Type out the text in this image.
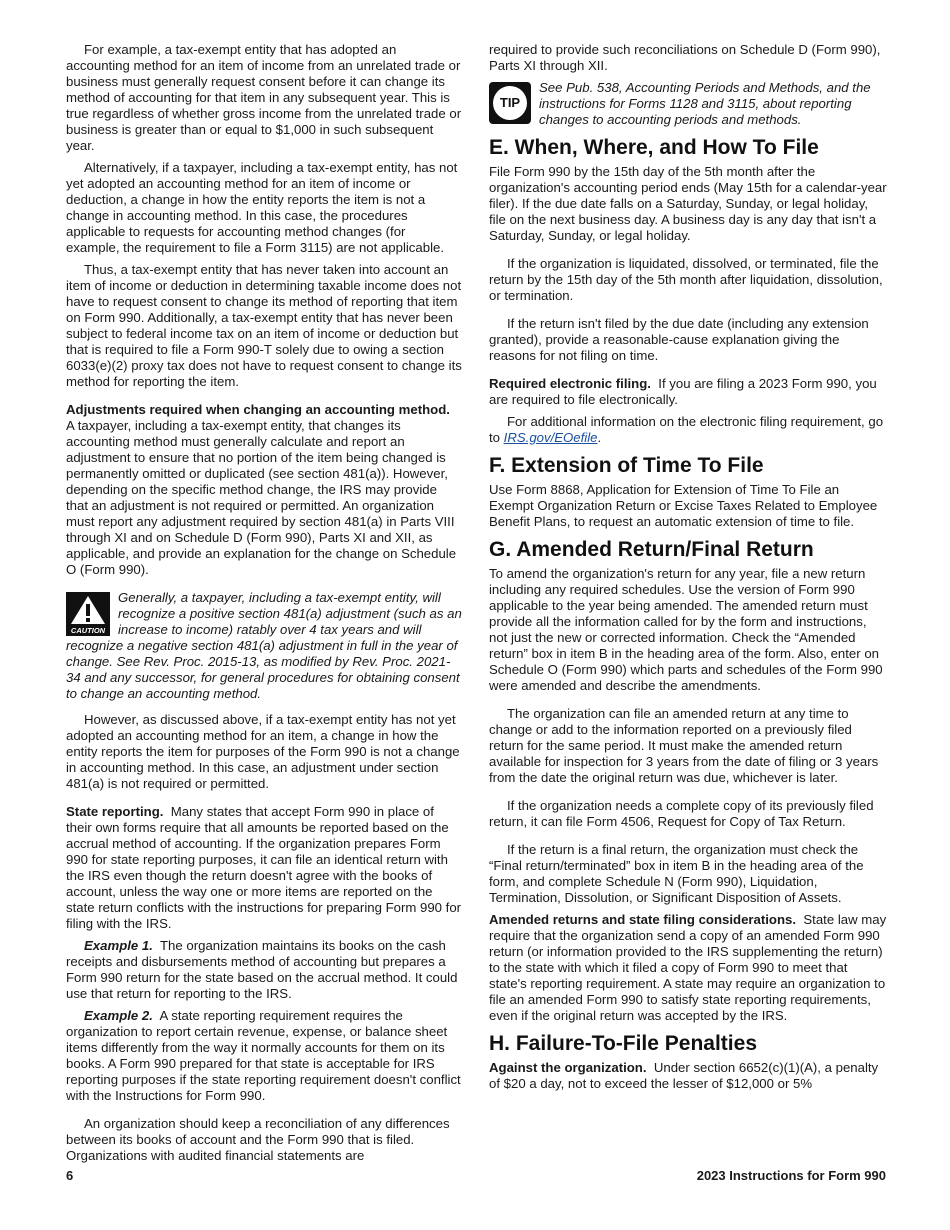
For example, a tax-exempt entity that has adopted an accounting method for an item of income from an unrelated trade or business must generally request consent before it can change its method of accounting for that item in any subsequent year. This is true regardless of whether gross income from the unrelated trade or business is greater than or equal to $1,000 in such subsequent year.

Alternatively, if a taxpayer, including a tax-exempt entity, has not yet adopted an accounting method for an item of income or deduction, a change in how the entity reports the item is not a change in accounting method. In this case, the procedures applicable to requests for accounting method changes (for example, the requirement to file a Form 3115) are not applicable.

Thus, a tax-exempt entity that has never taken into account an item of income or deduction in determining taxable income does not have to request consent to change its method of reporting that item on Form 990. Additionally, a tax-exempt entity that has never been subject to federal income tax on an item of income or deduction but that is required to file a Form 990-T solely due to owing a section 6033(e)(2) proxy tax does not have to request consent to change its method for reporting the item.

Adjustments required when changing an accounting method.  A taxpayer, including a tax-exempt entity, that changes its accounting method must generally calculate and report an adjustment to ensure that no portion of the item being changed is permanently omitted or duplicated (see section 481(a)). However, depending on the specific method change, the IRS may provide that an adjustment is not required or permitted. An organization must report any adjustment required by section 481(a) in Parts VIII through XI and on Schedule D (Form 990), Parts XI and XII, as applicable, and provide an explanation for the change on Schedule O (Form 990).

CAUTION
Generally, a taxpayer, including a tax-exempt entity, will recognize a positive section 481(a) adjustment (such as an increase to income) ratably over 4 tax years and will recognize a negative section 481(a) adjustment in full in the year of change. See Rev. Proc. 2015-13, as modified by Rev. Proc. 2021-34 and any successor, for general procedures for obtaining consent to change an accounting method.

However, as discussed above, if a tax-exempt entity has not yet adopted an accounting method for an item, a change in how the entity reports the item for purposes of the Form 990 is not a change in accounting method. In this case, an adjustment under section 481(a) is not required or permitted.

State reporting. Many states that accept Form 990 in place of their own forms require that all amounts be reported based on the accrual method of accounting. If the organization prepares Form 990 for state reporting purposes, it can file an identical return with the IRS even though the return doesn't agree with the books of account, unless the way one or more items are reported on the state return conflicts with the instructions for preparing Form 990 for filing with the IRS.

Example 1. The organization maintains its books on the cash receipts and disbursements method of accounting but prepares a Form 990 return for the state based on the accrual method. It could use that return for reporting to the IRS.

Example 2. A state reporting requirement requires the organization to report certain revenue, expense, or balance sheet items differently from the way it normally accounts for them on its books. A Form 990 prepared for that state is acceptable for IRS reporting purposes if the state reporting requirement doesn't conflict with the Instructions for Form 990.

An organization should keep a reconciliation of any differences between its books of account and the Form 990 that is filed. Organizations with audited financial statements are

required to provide such reconciliations on Schedule D (Form 990), Parts XI through XII.

TIP
See Pub. 538, Accounting Periods and Methods, and the instructions for Forms 1128 and 3115, about reporting changes to accounting periods and methods.
E. When, Where, and How To File

File Form 990 by the 15th day of the 5th month after the organization's accounting period ends (May 15th for a calendar-year filer). If the due date falls on a Saturday, Sunday, or legal holiday, file on the next business day. A business day is any day that isn't a Saturday, Sunday, or legal holiday.

If the organization is liquidated, dissolved, or terminated, file the return by the 15th day of the 5th month after liquidation, dissolution, or termination.

If the return isn't filed by the due date (including any extension granted), provide a reasonable-cause explanation giving the reasons for not filing on time.

Required electronic filing. If you are filing a 2023 Form 990, you are required to file electronically.

For additional information on the electronic filing requirement, go to IRS.gov/EOefile.

F. Extension of Time To File

Use Form 8868, Application for Extension of Time To File an Exempt Organization Return or Excise Taxes Related to Employee Benefit Plans, to request an automatic extension of time to file.

G. Amended Return/Final Return

To amend the organization's return for any year, file a new return including any required schedules. Use the version of Form 990 applicable to the year being amended. The amended return must provide all the information called for by the form and instructions, not just the new or corrected information. Check the “Amended return” box in item B in the heading area of the form. Also, enter on Schedule O (Form 990) which parts and schedules of the Form 990 were amended and describe the amendments.

The organization can file an amended return at any time to change or add to the information reported on a previously filed return for the same period. It must make the amended return available for inspection for 3 years from the date of filing or 3 years from the date the original return was due, whichever is later.

If the organization needs a complete copy of its previously filed return, it can file Form 4506, Request for Copy of Tax Return.

If the return is a final return, the organization must check the “Final return/terminated” box in item B in the heading area of the form, and complete Schedule N (Form 990), Liquidation, Termination, Dissolution, or Significant Disposition of Assets.

Amended returns and state filing considerations. State law may require that the organization send a copy of an amended Form 990 return (or information provided to the IRS supplementing the return) to the state with which it filed a copy of Form 990 to meet that state's reporting requirement. A state may require an organization to file an amended Form 990 to satisfy state reporting requirements, even if the original return was accepted by the IRS.

H. Failure-To-File Penalties

Against the organization. Under section 6652(c)(1)(A), a penalty of $20 a day, not to exceed the lesser of $12,000 or 5%

6	2023 Instructions for Form 990
